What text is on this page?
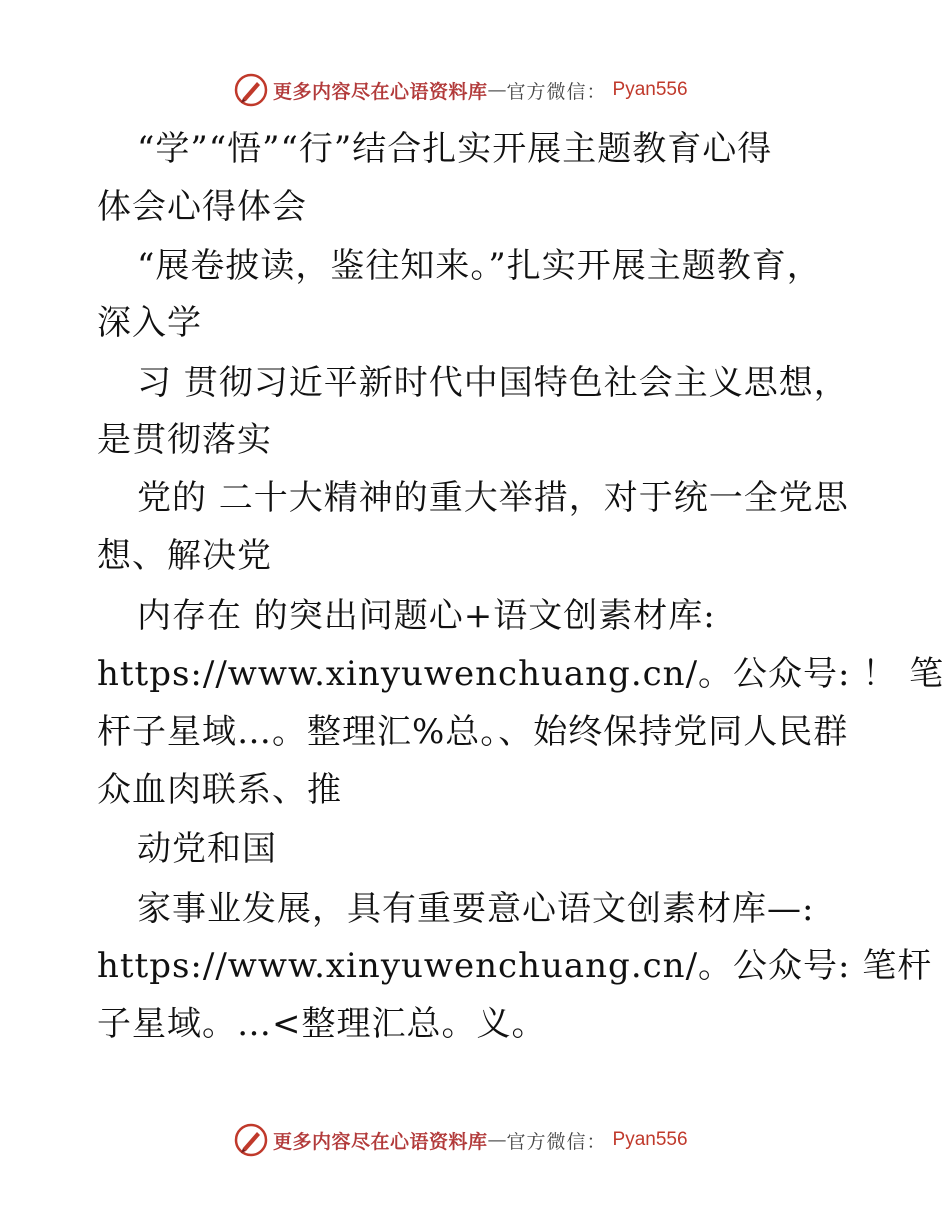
更多内容尽在心语资料库 — 官方微信： Pyan556
“学”“悟”“行”结合扎实开展主题教育心得
体会心得体会
“展卷披读，鉴往知来。”扎实开展主题教育，
深入学
习 贯彻习近平新时代中国特色社会主义思想，
是贯彻落实
党的 二十大精神的重大举措，对于统一全党思
想、解决党
内存在 的突出问题心+语文创素材库:
https://www.xinyuwenchuang.cn/。公众号: ！ 笔
杆子星域…。整理汇%总。、始终保持党同人民群
众血肉联系、推
动党和国
家事业发展，具有重要意心语文创素材库—:
https://www.xinyuwenchuang.cn/。公众号: 笔杆
子星域。…<整理汇总。义。
更多内容尽在心语资料库 — 官方微信： Pyan556
